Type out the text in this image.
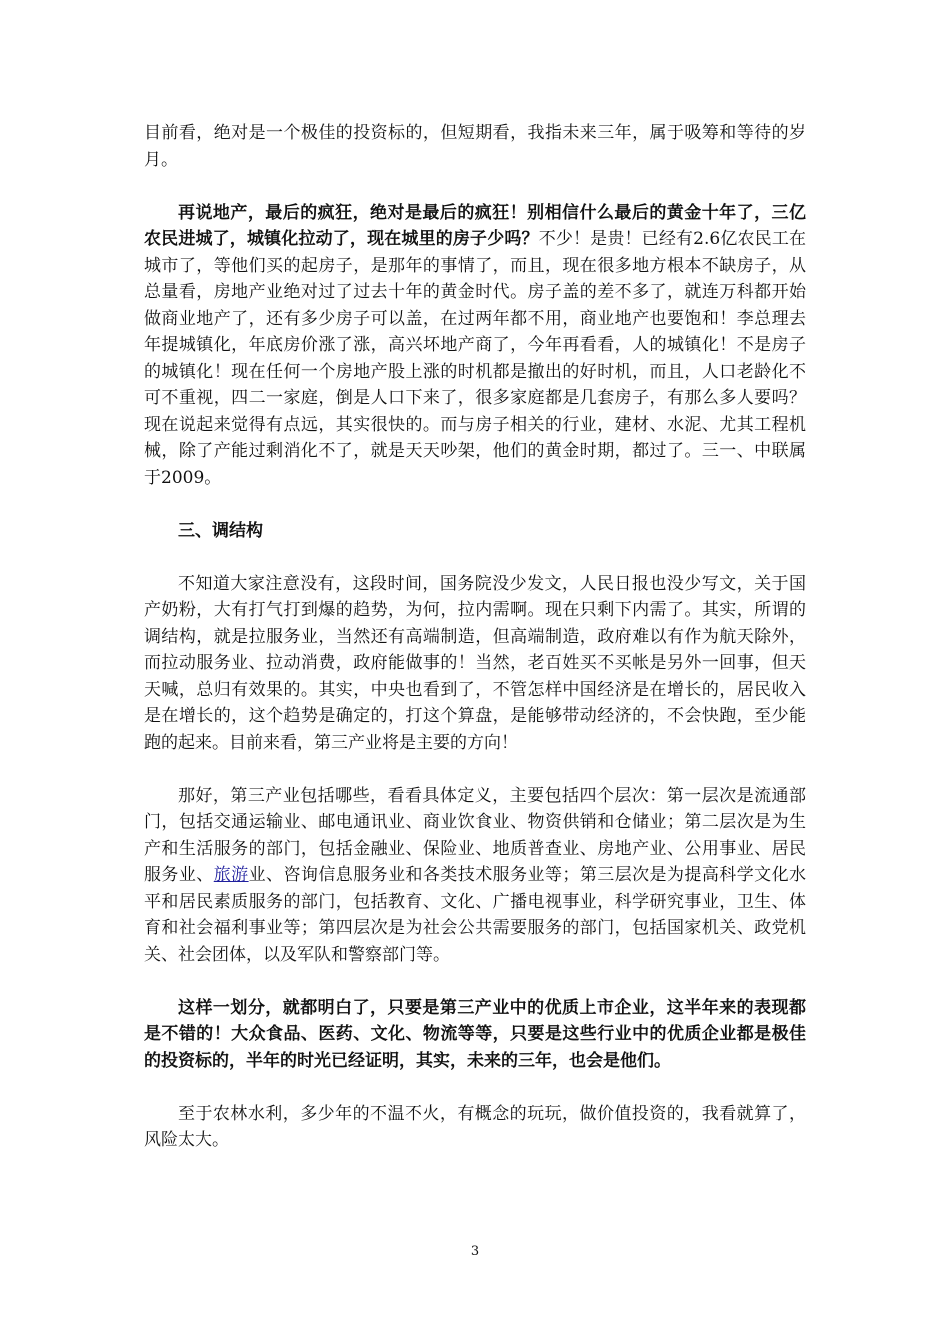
目前看，绝对是一个极佳的投资标的，但短期看，我指未来三年，属于吸筹和等待的岁月。

再说地产，最后的疯狂，绝对是最后的疯狂！别相信什么最后的黄金十年了，三亿农民进城了，城镇化拉动了，现在城里的房子少吗？不少！是贵！已经有2.6亿农民工在城市了，等他们买的起房子，是那年的事情了，而且，现在很多地方根本不缺房子，从总量看，房地产业绝对过了过去十年的黄金时代。房子盖的差不多了，就连万科都开始做商业地产了，还有多少房子可以盖，在过两年都不用，商业地产也要饱和！李总理去年提城镇化，年底房价涨了涨，高兴坏地产商了，今年再看看，人的城镇化！不是房子的城镇化！现在任何一个房地产股上涨的时机都是撤出的好时机，而且，人口老龄化不可不重视，四二一家庭，倒是人口下来了，很多家庭都是几套房子，有那么多人要吗？现在说起来觉得有点远，其实很快的。而与房子相关的行业，建材、水泥、尤其工程机械，除了产能过剩消化不了，就是天天吵架，他们的黄金时期，都过了。三一、中联属于2009。

三、调结构

不知道大家注意没有，这段时间，国务院没少发文，人民日报也没少写文，关于国产奶粉，大有打气打到爆的趋势，为何，拉内需啊。现在只剩下内需了。其实，所谓的调结构，就是拉服务业，当然还有高端制造，但高端制造，政府难以有作为航天除外，而拉动服务业、拉动消费，政府能做事的！当然，老百姓买不买帐是另外一回事，但天天喊，总归有效果的。其实，中央也看到了，不管怎样中国经济是在增长的，居民收入是在增长的，这个趋势是确定的，打这个算盘，是能够带动经济的，不会快跑，至少能跑的起来。目前来看，第三产业将是主要的方向！

那好，第三产业包括哪些，看看具体定义，主要包括四个层次：第一层次是流通部门，包括交通运输业、邮电通讯业、商业饮食业、物资供销和仓储业；第二层次是为生产和生活服务的部门，包括金融业、保险业、地质普查业、房地产业、公用事业、居民服务业、旅游业、咨询信息服务业和各类技术服务业等；第三层次是为提高科学文化水平和居民素质服务的部门，包括教育、文化、广播电视事业，科学研究事业，卫生、体育和社会福利事业等；第四层次是为社会公共需要服务的部门，包括国家机关、政党机关、社会团体，以及军队和警察部门等。

这样一划分，就都明白了，只要是第三产业中的优质上市企业，这半年来的表现都是不错的！大众食品、医药、文化、物流等等，只要是这些行业中的优质企业都是极佳的投资标的，半年的时光已经证明，其实，未来的三年，也会是他们。

至于农林水利，多少年的不温不火，有概念的玩玩，做价值投资的，我看就算了，风险太大。

3
